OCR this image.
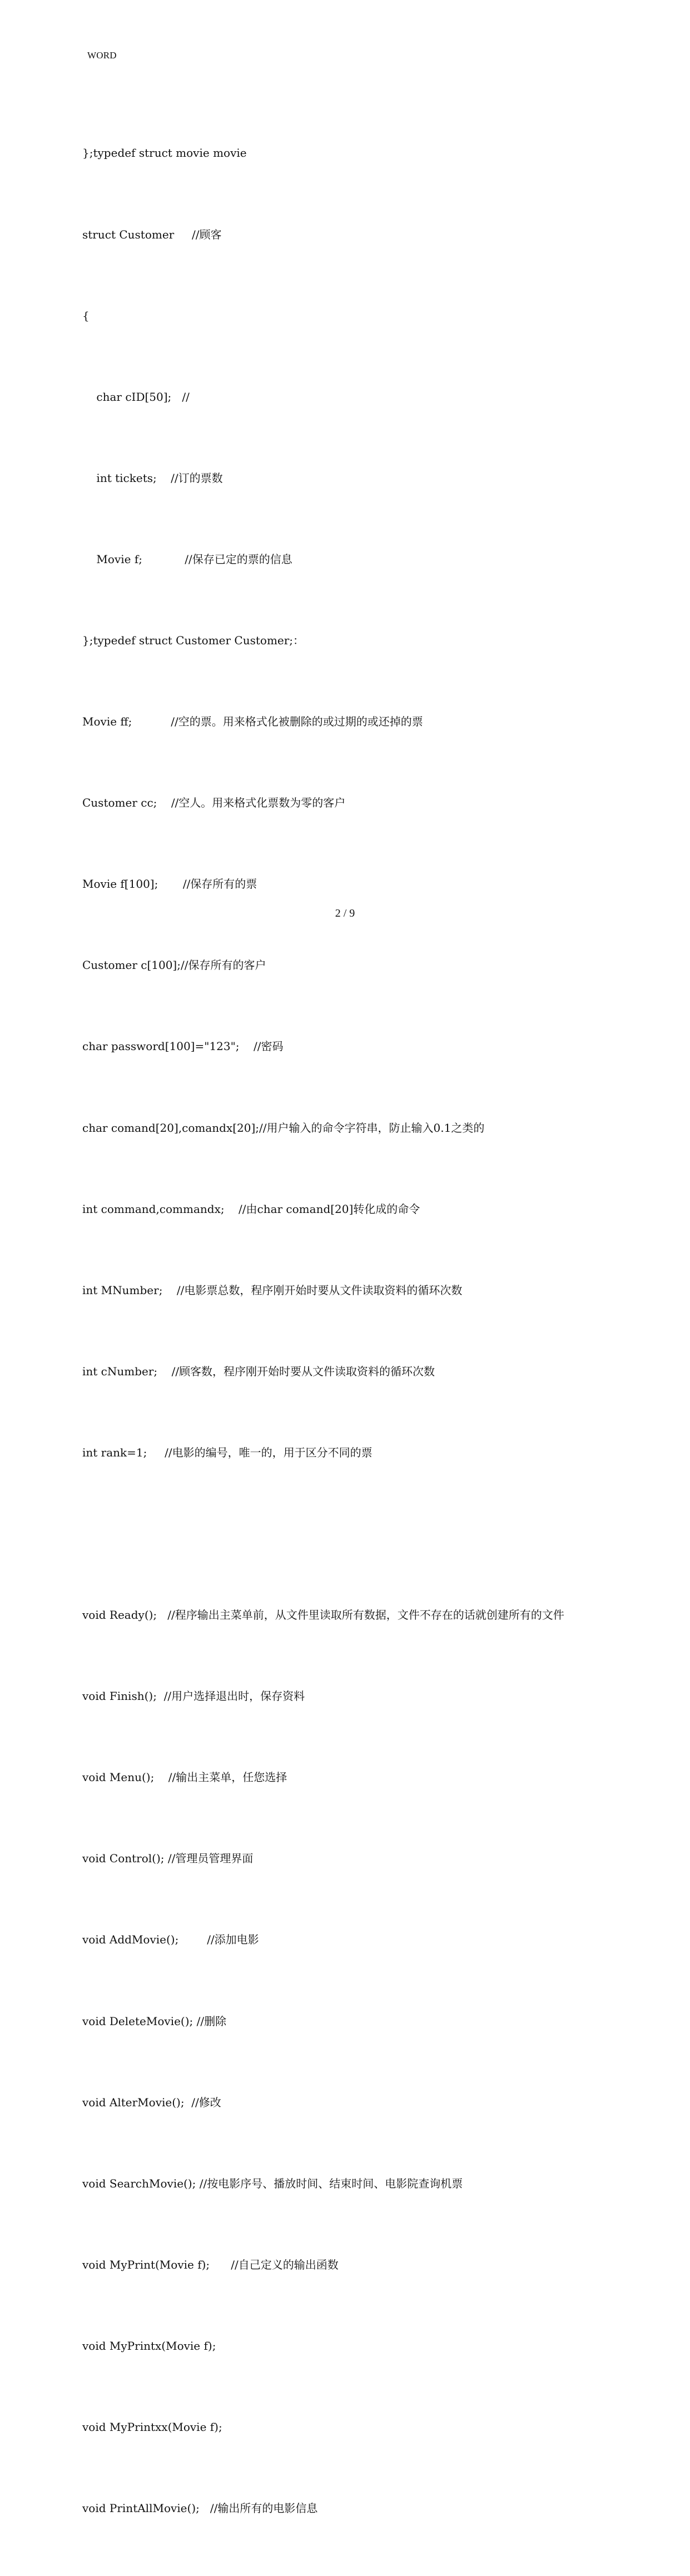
WORD

};typedef struct movie movie

struct Customer     //顾客

{

char cID[50];   //

int tickets;    //订的票数

Movie f;            //保存已定的票的信息

};typedef struct Customer Customer;：

Movie ff;           //空的票。用来格式化被删除的或过期的或还掉的票

Customer cc;    //空人。用来格式化票数为零的客户

Movie f[100];       //保存所有的票

Customer c[100];//保存所有的客户

char password[100]="123";    //密码

char comand[20],comandx[20];//用户输入的命令字符串，防止输入0.1之类的

int command,commandx;    //由char comand[20]转化成的命令

int MNumber;    //电影票总数，程序刚开始时要从文件读取资料的循环次数

int cNumber;    //顾客数，程序刚开始时要从文件读取资料的循环次数

int rank=1;     //电影的编号，唯一的，用于区分不同的票

void Ready();   //程序输出主菜单前，从文件里读取所有数据，文件不存在的话就创建所有的文件

void Finish();  //用户选择退出时，保存资料

void Menu();    //输出主菜单，任您选择

void Control(); //管理员管理界面

void AddMovie();        //添加电影

void DeleteMovie(); //删除

void AlterMovie();  //修改

void SearchMovie(); //按电影序号、播放时间、结束时间、电影院查询机票

void MyPrint(Movie f);      //自己定义的输出函数

void MyPrintx(Movie f);

void MyPrintxx(Movie f);

void PrintAllMovie();   //输出所有的电影信息

2 / 9
